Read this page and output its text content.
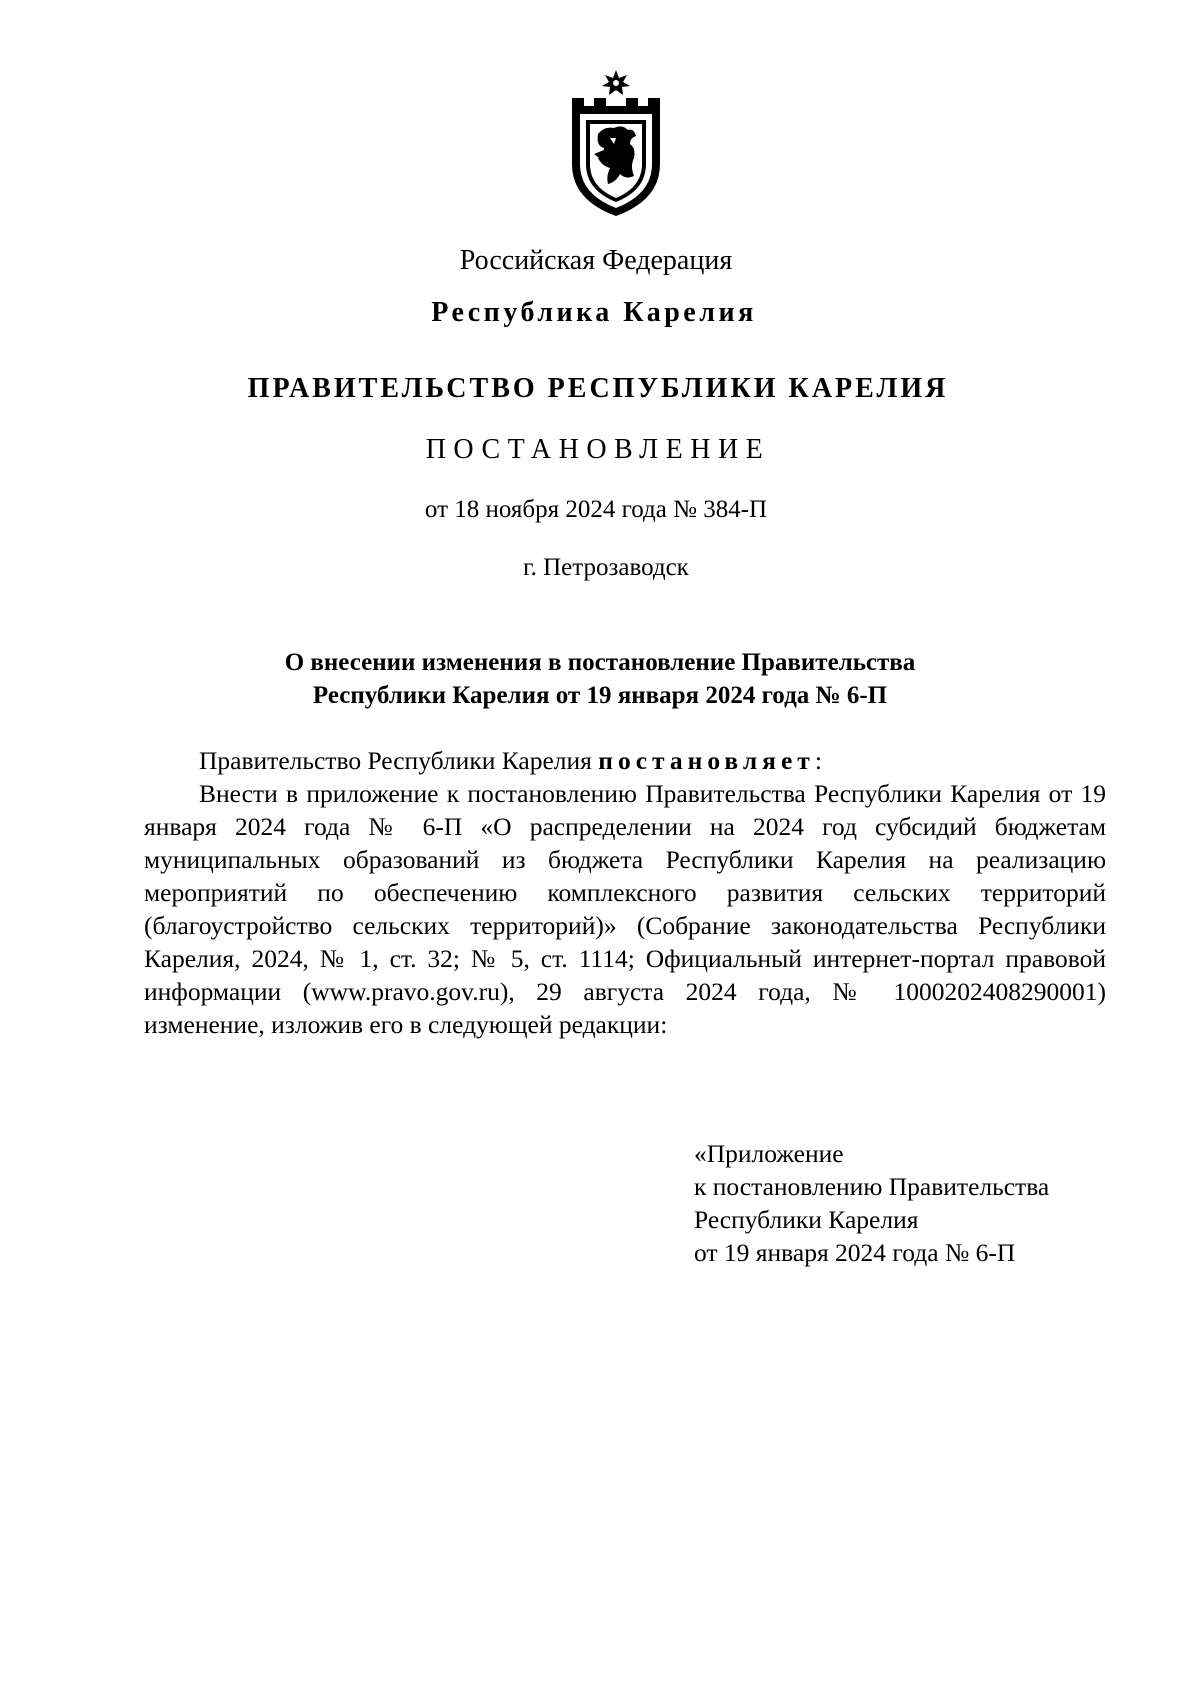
Российская Федерация
Республика Карелия
ПРАВИТЕЛЬСТВО РЕСПУБЛИКИ КАРЕЛИЯ
ПОСТАНОВЛЕНИЕ
от 18 ноября 2024 года № 384-П
г. Петрозаводск
О внесении изменения в постановление Правительства
Республики Карелия от 19 января 2024 года № 6-П

Правительство Республики Карелия постановляет:

Внести в приложение к постановлению Правительства Республики Карелия от 19 января 2024 года № 6-П «О распределении на 2024 год субсидий бюджетам муниципальных образований из бюджета Республики Карелия на реализацию мероприятий по обеспечению комплексного развития сельских территорий (благоустройство сельских территорий)» (Собрание законодательства Республики Карелия, 2024, № 1, ст. 32; № 5, ст. 1114; Официальный интернет-портал правовой информации (www.pravo.gov.ru), 29 августа 2024 года, № 1000202408290001) изменение, изложив его в следующей редакции:

«Приложение
к постановлению Правительства
Республики Карелия
от 19 января 2024 года № 6-П
